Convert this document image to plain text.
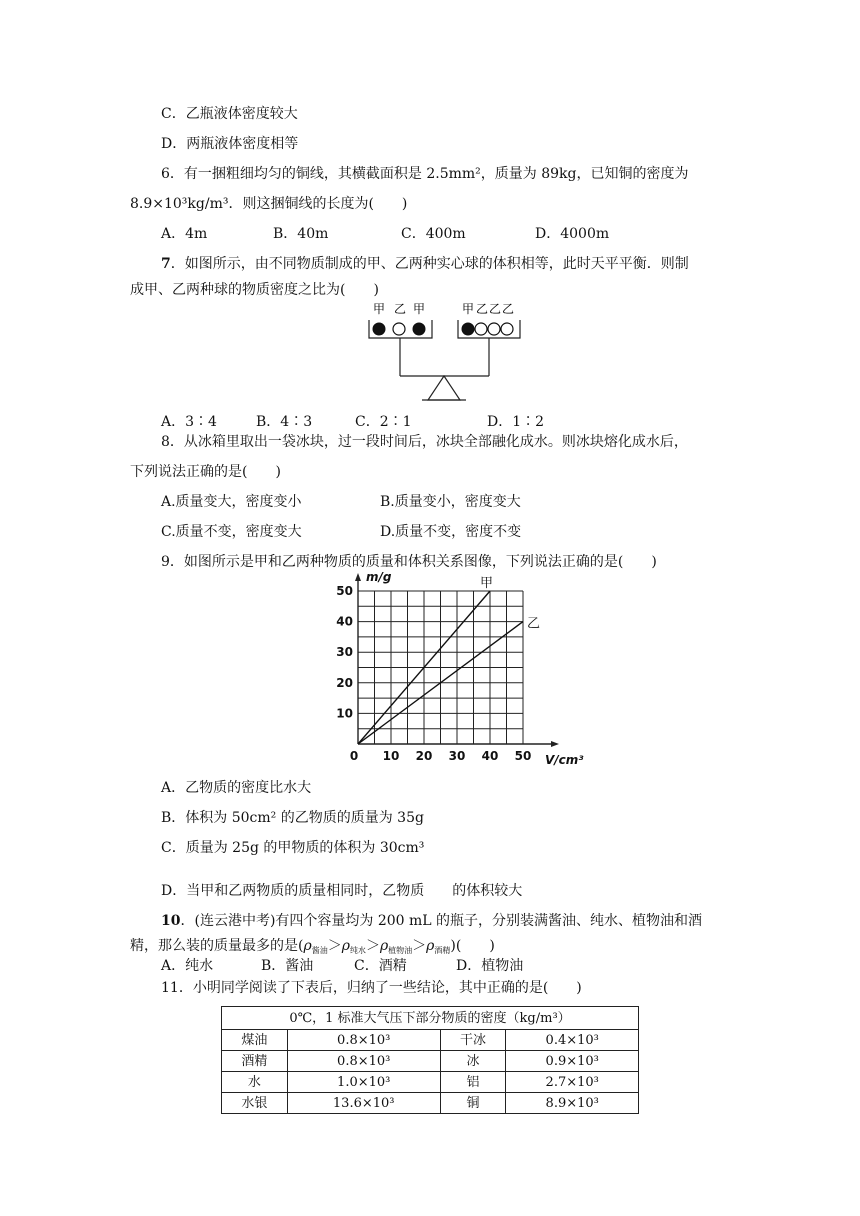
C．乙瓶液体密度较大
D．两瓶液体密度相等
6．有一捆粗细均匀的铜线，其横截面积是 2.5mm²，质量为 89kg，已知铜的密度为
8.9×10³kg/m³．则这捆铜线的长度为(　　)
A．4m	B．40m	C．400m	D．4000m
7．如图所示，由不同物质制成的甲、乙两种实心球的体积相等，此时天平平衡．则制
成甲、乙两种球的物质密度之比为(　　)
甲 乙 甲	甲 乙 乙 乙
A．3∶4	B．4∶3	C．2∶1	D．1∶2
8．从冰箱里取出一袋冰块，过一段时间后，冰块全部融化成水。则冰块熔化成水后，
下列说法正确的是(　　)
A.质量变大，密度变小	B.质量变小，密度变大
C.质量不变，密度变大	D.质量不变，密度不变
9．如图所示是甲和乙两种物质的质量和体积关系图像，下列说法正确的是(　　)
0 10 20 30 40 50
10
20
30
40
50
V/cm³
m/g	甲
乙
A．乙物质的密度比水大
B．体积为 50cm² 的乙物质的质量为 35g
C．质量为 25g 的甲物质的体积为 30cm³
D．当甲和乙两物质的质量相同时，乙物质　　的体积较大
10．(连云港中考)有四个容量均为 200 mL 的瓶子，分别装满酱油、纯水、植物油和酒
精，那么装的质量最多的是$(\rho_{酱油}>\rho_{纯水}>\rho_{植物油}>\rho_{酒精})$(　　)
A．纯水	B．酱油	C．酒精	D．植物油
11．小明同学阅读了下表后，归纳了一些结论，其中正确的是(　　)
0℃，1 标准大气压下部分物质的密度（kg/m³）			
煤油	0.8×10³	干冰	0.4×10³
酒精	0.8×10³	冰	0.9×10³
水	1.0×10³	铝	2.7×10³
水银	13.6×10³	铜	8.9×10³
